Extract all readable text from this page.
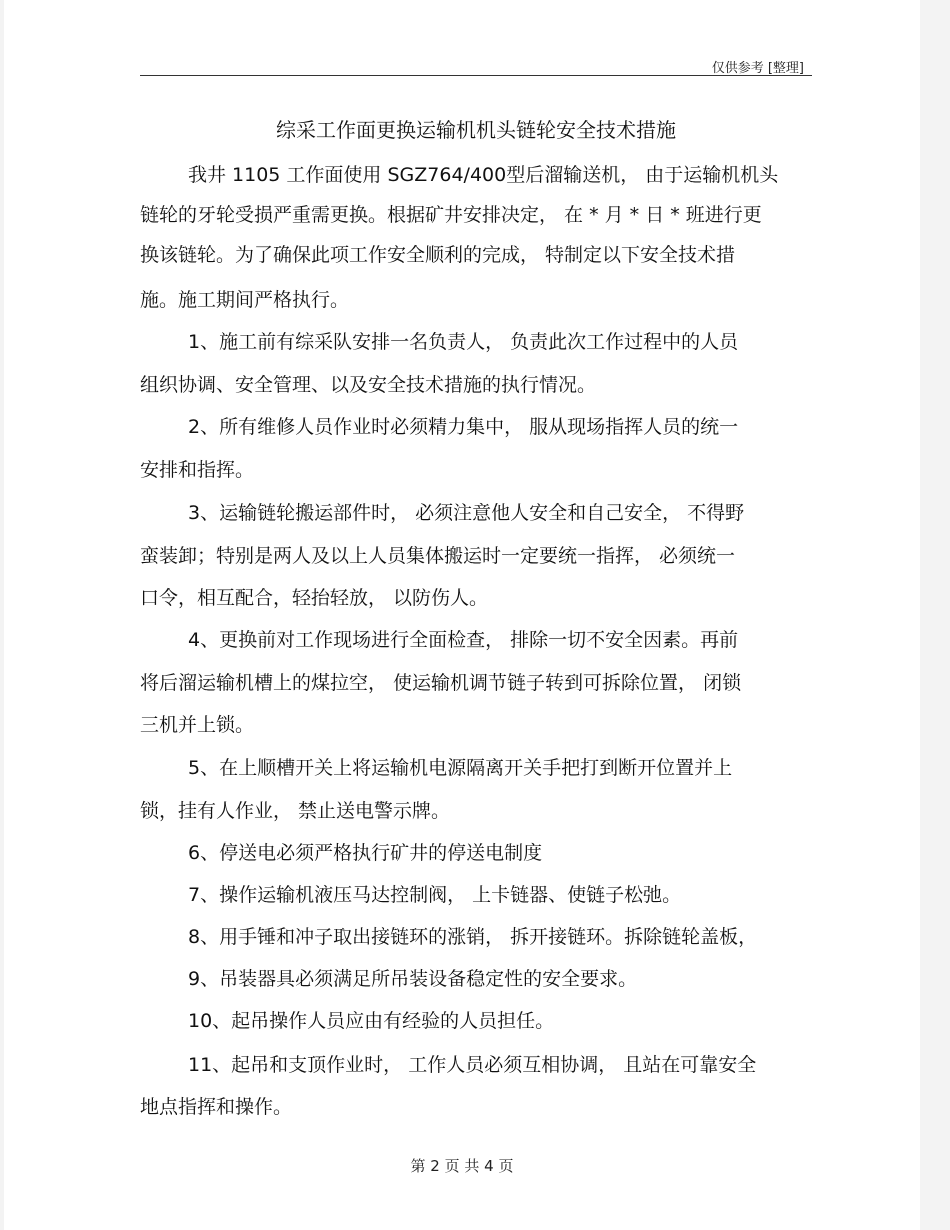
仅供参考 [整理]
综采工作面更换运输机机头链轮安全技术措施
我井 1105 工作面使用 SGZ764/400型后溜输送机， 由于运输机机头
链轮的牙轮受损严重需更换。根据矿井安排决定， 在 * 月 * 日 * 班进行更
换该链轮。为了确保此项工作安全顺利的完成， 特制定以下安全技术措
施。施工期间严格执行。
1、施工前有综采队安排一名负责人， 负责此次工作过程中的人员
组织协调、安全管理、以及安全技术措施的执行情况。
2、所有维修人员作业时必须精力集中， 服从现场指挥人员的统一
安排和指挥。
3、运输链轮搬运部件时， 必须注意他人安全和自己安全， 不得野
蛮装卸；特别是两人及以上人员集体搬运时一定要统一指挥， 必须统一
口令，相互配合，轻抬轻放， 以防伤人。
4、更换前对工作现场进行全面检查， 排除一切不安全因素。再前
将后溜运输机槽上的煤拉空， 使运输机调节链子转到可拆除位置， 闭锁
三机并上锁。
5、在上顺槽开关上将运输机电源隔离开关手把打到断开位置并上
锁，挂有人作业， 禁止送电警示牌。
6、停送电必须严格执行矿井的停送电制度
7、操作运输机液压马达控制阀， 上卡链器、使链子松弛。
8、用手锤和冲子取出接链环的涨销， 拆开接链环。拆除链轮盖板，
9、吊装器具必须满足所吊装设备稳定性的安全要求。
10、起吊操作人员应由有经验的人员担任。
11、起吊和支顶作业时， 工作人员必须互相协调， 且站在可靠安全
地点指挥和操作。
第 2 页 共 4 页
